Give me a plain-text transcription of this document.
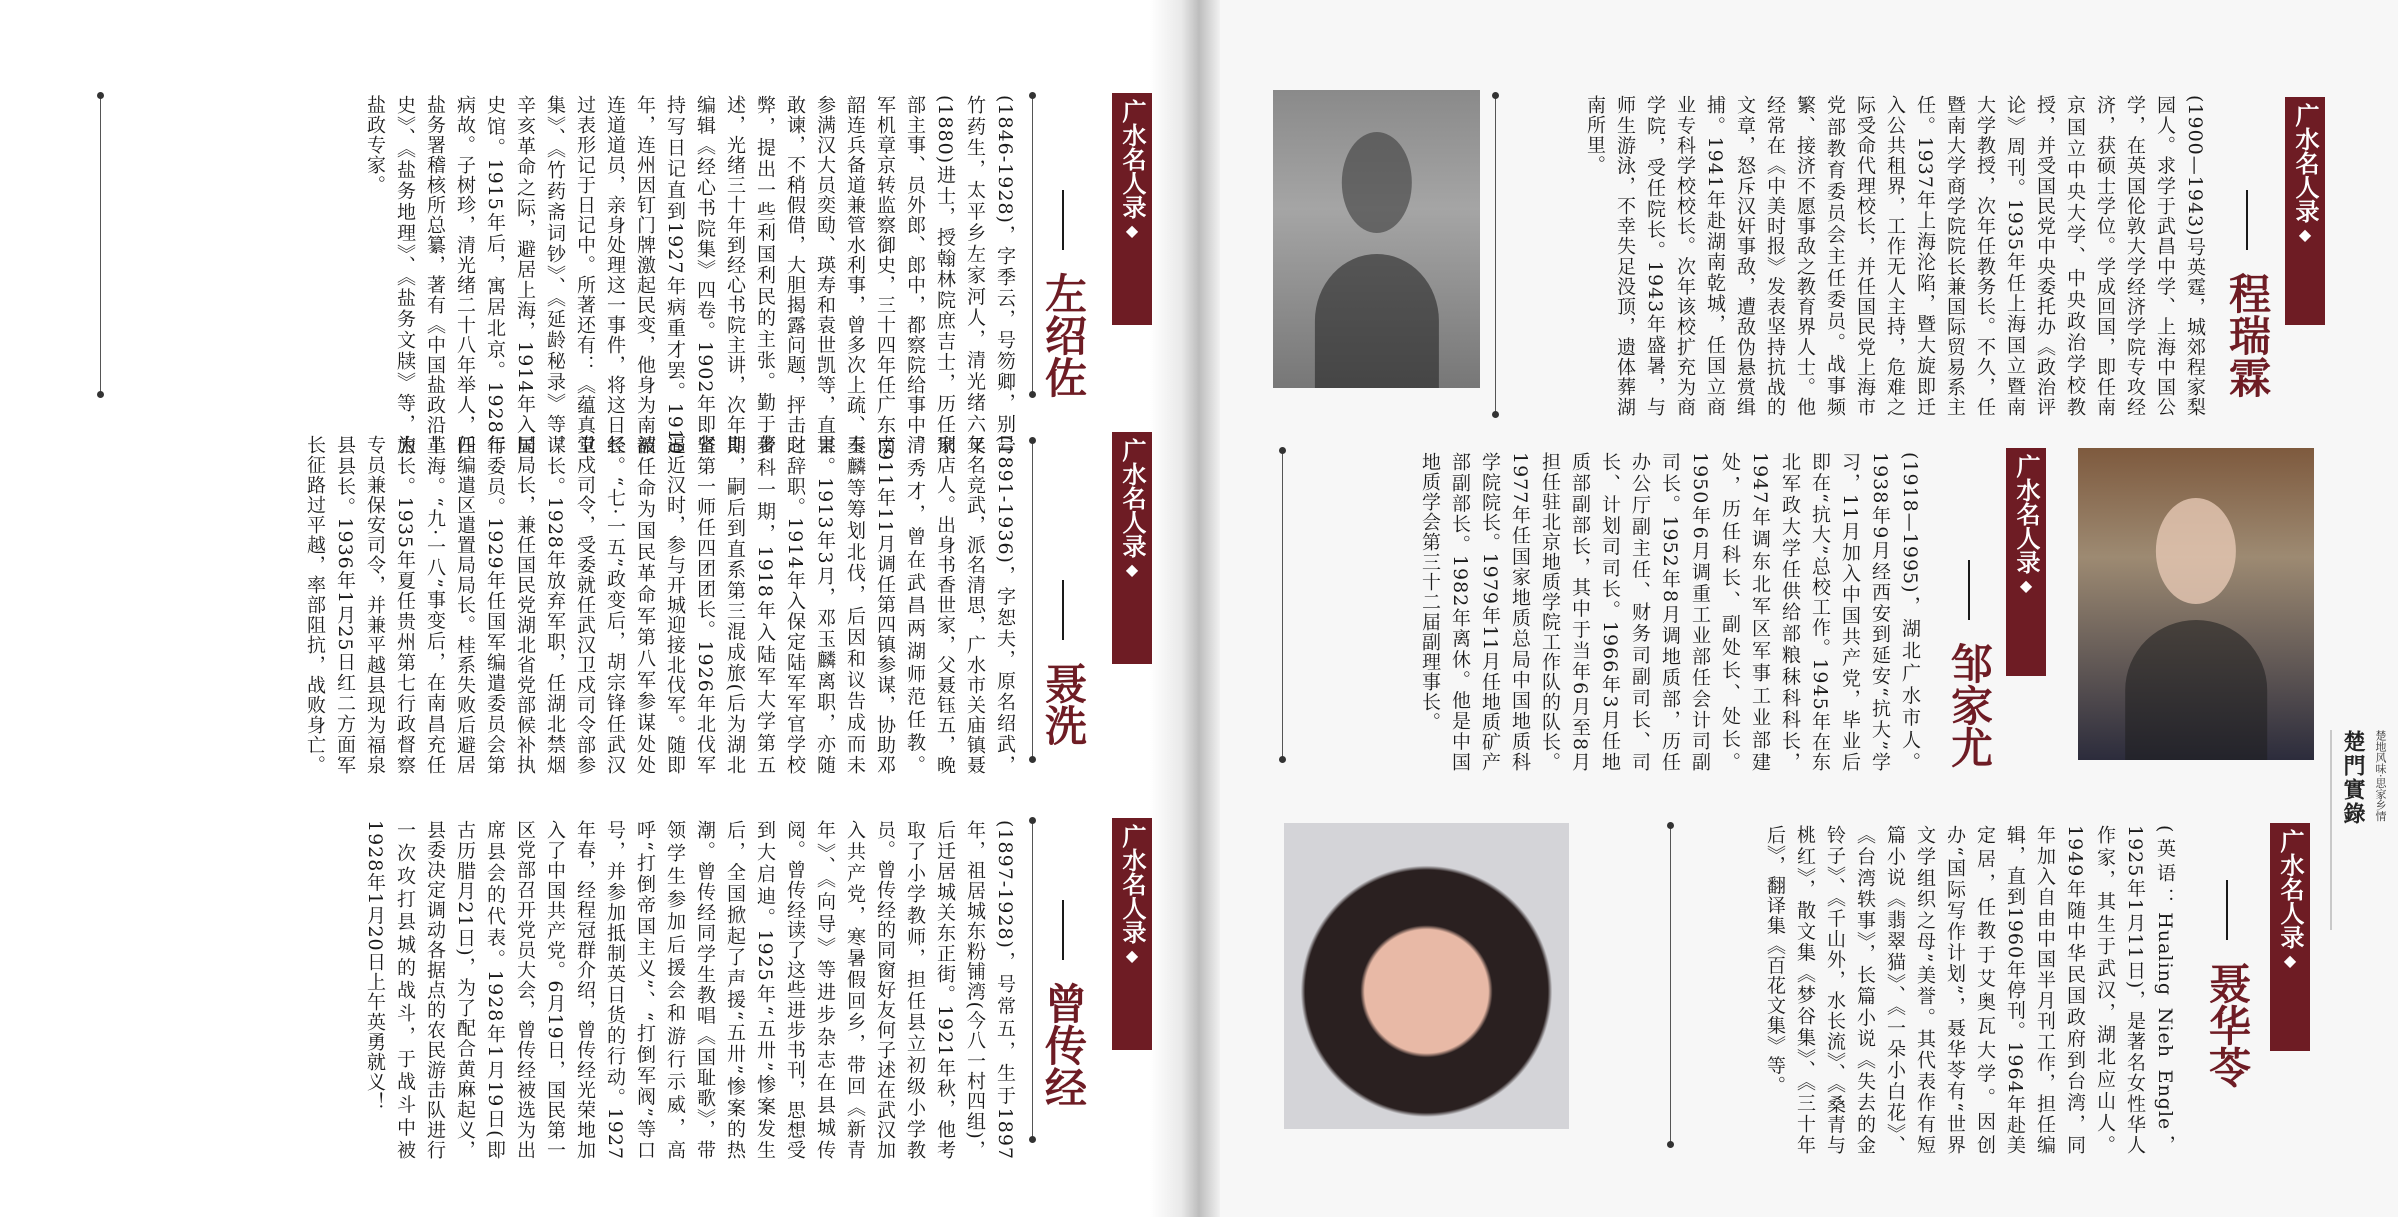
广水名人录
◆
左绍佐
(1846-1928)，字季云，号笏卿，别号竹药生，太平乡左家河人，清光绪六年(1880)进士，授翰林院庶吉士，历任刑部主事、员外郎、郎中，都察院给事中、军机章京转监察御史，三十四年任广东南韶连兵备道兼管水利事，曾多次上疏、奏参满汉大员奕劻、瑛寿和袁世凯等，直言敢谏，不稍假借，大胆揭露问题，抨击时弊，提出一些利国利民的主张。勤于著述，光绪三十年到经心书院主讲，次年即编辑《经心书院集》四卷。1902年即坚持写日记直到1927年病重才罢。1910年，连州因钉门牌激起民变，他身为南韶连道道员，亲身处理这一事件，将这日经过表形记于日记中。所著还有：《蕴真堂集》、《竹药斋词钞》、《延龄秘录》等。辛亥革命之际，避居上海，1914年入国史馆。1915年后，寓居北京。1928年病故。子树珍，清光绪二十八年举人，任盐务署稽核所总纂，著有《中国盐政沿革史》、《盐务地理》、《盐务文牍》等，为盐政专家。
广水名人录
◆
聂洗
(1891-1936)，字恕夫，原名绍武，又名竞武，派名清思，广水市关庙镇聂家店人。出身书香世家，父聂钰五，晚清秀才，曾在武昌两湖师范任教。1911年11月调任第四镇参谋，协助邓玉麟等筹划北伐，后因和议告成而未果。1913年3月，邓玉麟离职，亦随之辞职。1914年入保定陆军军官学校步科一期，1918年入陆军大学第五期，嗣后到直系第三混成旅(后为湖北省第一师任四团团长。1926年北伐军逼近汉时，参与开城迎接北伐军。随即被任命为国民革命军第八军参谋处处长。“七·一五”政变后，胡宗锋任武汉卫戍司令，受委就任武汉卫戍司令部参谋长。1928年放弃军职，任湖北禁烟局局长，兼任国民党湖北省党部候补执行委员。1929年任国军编遣委员会第四编遣区遣置局局长。桂系失败后避居上海。“九·一八”事变后，在南昌充任旅长。1935年夏任贵州第七行政督察专员兼保安司令，并兼平越县现为福泉县县长。1936年1月25日红二方面军长征路过平越，率部阻抗，战败身亡。
广水名人录
◆
曾传经
(1897-1928)，号常五，生于1897年，祖居城东粉铺湾(今八一村四组)，后迁居城关东正街。1921年秋，他考取了小学教师，担任县立初级小学教员。曾传经的同窗好友何子述在武汉加入共产党，寒暑假回乡，带回《新青年》、《向导》等进步杂志在县城传阅。曾传经读了这些进步书刊，思想受到大启迪。1925年“五卅”惨案发生后，全国掀起了声援“五卅”惨案的热潮。曾传经同学生教唱《国耻歌》，带领学生参加后援会和游行示威，高呼“打倒帝国主义”、“打倒军阀”等口号，并参加抵制英日货的行动。1927年春，经程冠群介绍，曾传经光荣地加入了中国共产党。6月19日，国民第一区党部召开党员大会，曾传经被选为出席县会的代表。1928年1月19日(即古历腊月21日)，为了配合黄麻起义，县委决定调动各据点的农民游击队进行一次攻打县城的战斗，于战斗中被1928年1月20日上午英勇就义！
广水名人录
◆
程瑞霖
(1900—1943)号英霆，城郊程家梨园人。求学于武昌中学、上海中国公学，在英国伦敦大学经济学院专攻经济，获硕士学位。学成回国，即任南京国立中央大学、中央政治学校教授，并受国民党中央委托办《政治评论》周刊。1935年任上海国立暨南大学教授，次年任教务长。不久，任暨南大学商学院院长兼国际贸易系主任。1937年上海沦陷，暨大旋即迁入公共租界，工作无人主持，危难之际受命代理校长，并任国民党上海市党部教育委员会主任委员。战事频繁、接济不愿事敌之教育界人士。他经常在《中美时报》发表坚持抗战的文章，怒斥汉奸事敌，遭敌伪悬赏缉捕。1941年赴湖南乾城，任国立商业专科学校校长。次年该校扩充为商学院，受任院长。1943年盛暑，与师生游泳，不幸失足没顶，遗体葬湖南所里。
广水名人录
◆
邹家尤
(1918—1995)，湖北广水市人。1938年9月经西安到延安“抗大”学习，11月加入中国共产党，毕业后即在“抗大”总校工作。1945年在东北军政大学任供给部粮秣科科长，1947年调东北军区军事工业部建处，历任科长、副处长、处长。1950年6月调重工业部任会计司副司长。1952年8月调地质部，历任办公厅副主任、财务司副司长、司长、计划司司长。1966年3月任地质部副部长，其中于当年6月至8月担任驻北京地质学院工作队的队长。1977年任国家地质总局中国地质科学院院长。1979年11月任地质矿产部副部长。1982年离休。他是中国地质学会第三十二届副理事长。
广水名人录
◆
聂华苓
(英语：Hualing Nieh Engle，1925年1月11日)，是著名女性华人作家，其生于武汉，湖北应山人。1949年随中华民国政府到台湾，同年加入自由中国半月刊工作，担任编辑，直到1960年停刊。1964年赴美定居，任教于艾奥瓦大学。因创办“国际写作计划”，聂华苓有“世界文学组织之母”美誉。其代表作有短篇小说《翡翠猫》、《一朵小白花》、《台湾轶事》，长篇小说《失去的金铃子》、《千山外，水长流》、《桑青与桃红》，散文集《梦谷集》、《三十年后》，翻译集《百花文集》等。
楚門實錄 楚地风味·思家乡情
